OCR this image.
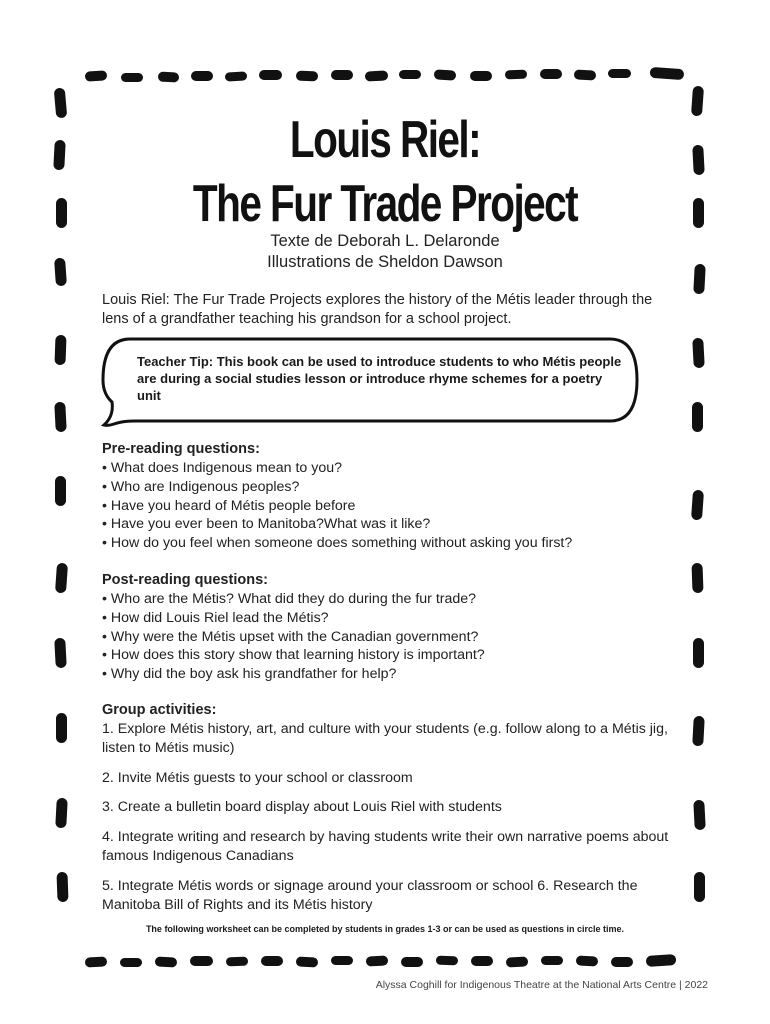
Louis Riel:
The Fur Trade Project
Texte de Deborah L. Delaronde
Illustrations de Sheldon Dawson
Louis Riel: The Fur Trade Projects explores the history of the Métis leader through the lens of a grandfather teaching his grandson for a school project.
Teacher Tip: This book can be used to introduce students to who Métis people are during a social studies lesson or introduce rhyme schemes for a poetry unit
Pre-reading questions:
• What does Indigenous mean to you?
• Who are Indigenous peoples?
• Have you heard of Métis people before
• Have you ever been to Manitoba?What was it like?
• How do you feel when someone does something without asking you first?
Post-reading questions:
• Who are the Métis? What did they do during the fur trade?
• How did Louis Riel lead the Métis?
• Why were the Métis upset with the Canadian government?
• How does this story show that learning history is important?
• Why did the boy ask his grandfather for help?
Group activities:

1. Explore Métis history, art, and culture with your students (e.g. follow along to a Métis jig, listen to Métis music)

2. Invite Métis guests to your school or classroom

3. Create a bulletin board display about Louis Riel with students

4. Integrate writing and research by having students write their own narrative poems about famous Indigenous Canadians

5. Integrate Métis words or signage around your classroom or school 6. Research the Manitoba Bill of Rights and its Métis history

The following worksheet can be completed by students in grades 1-3 or can be used as questions in circle time.
Alyssa Coghill for Indigenous Theatre at the National Arts Centre | 2022
